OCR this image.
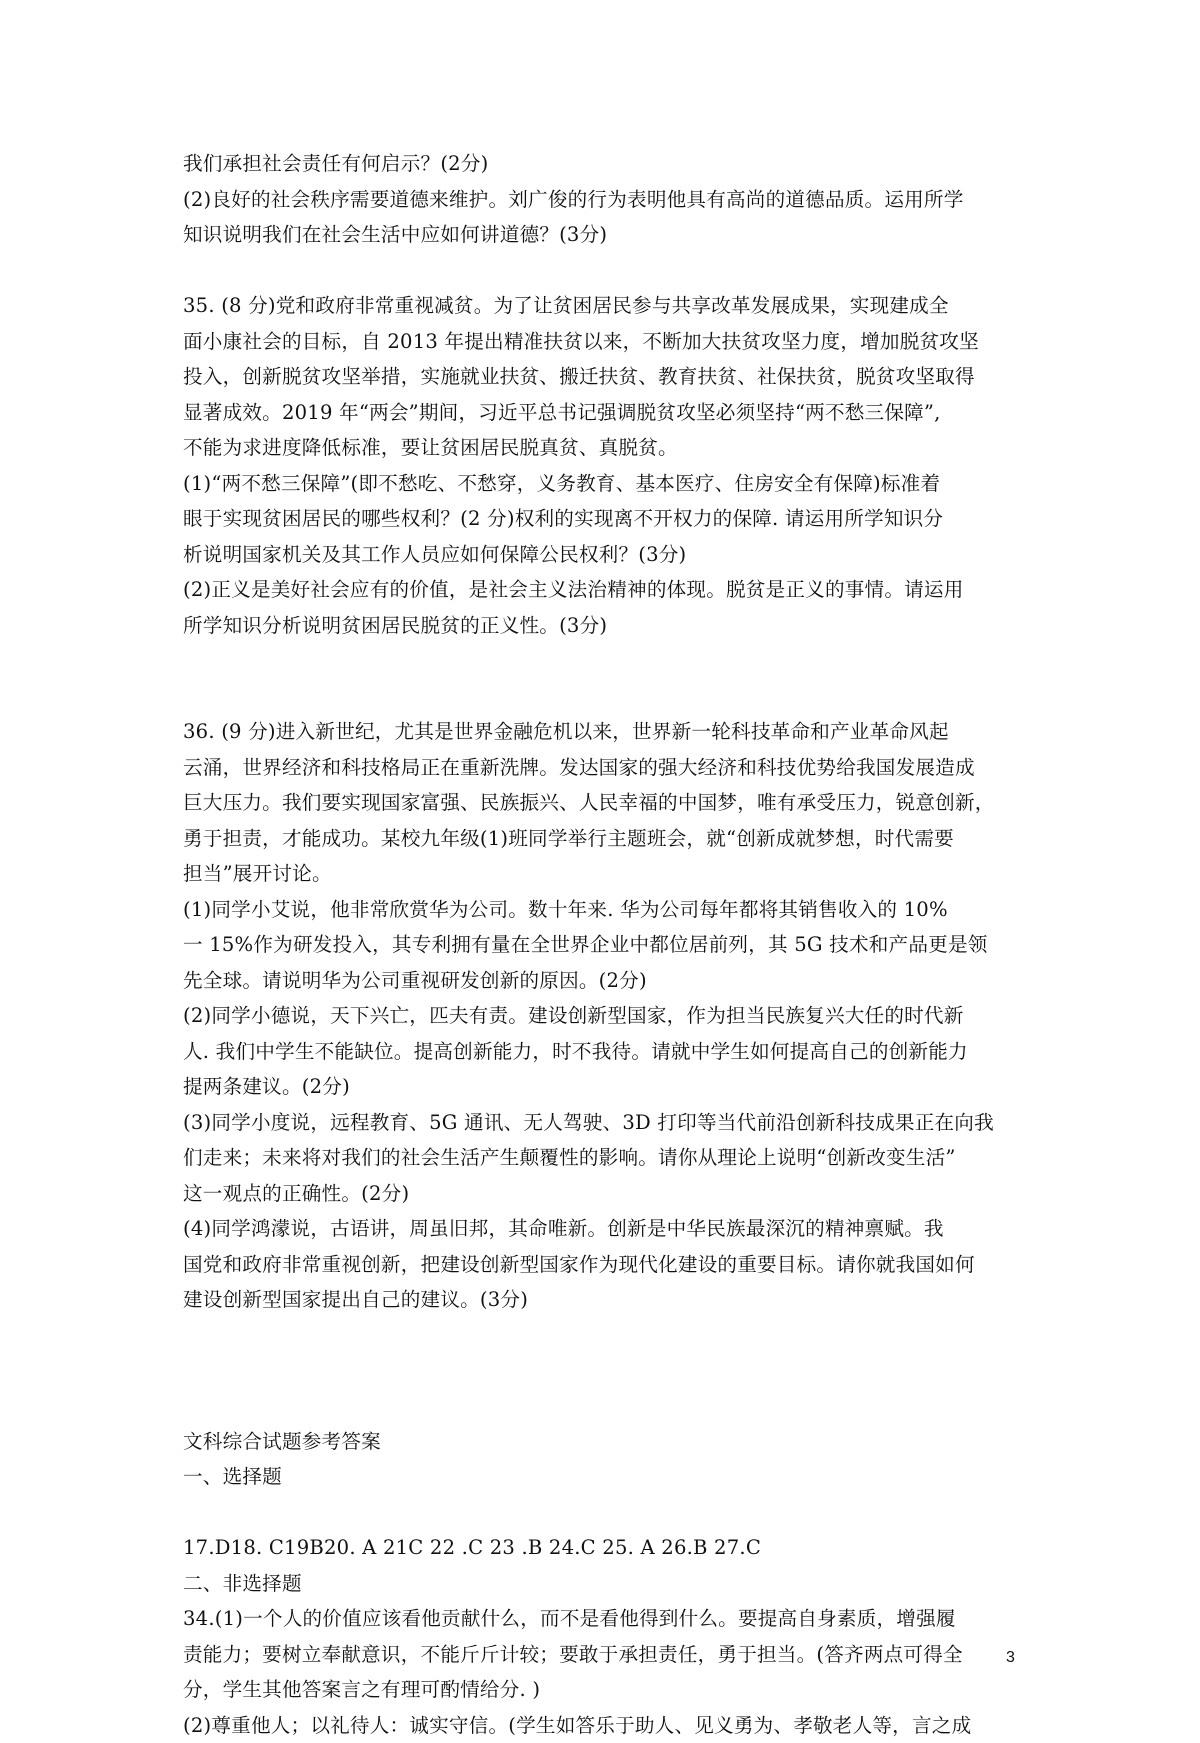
我们承担社会责任有何启示？(2分)

(2)良好的社会秩序需要道德来维护。刘广俊的行为表明他具有高尚的道德品质。运用所学

知识说明我们在社会生活中应如何讲道德？(3分)

35. (8 分)党和政府非常重视减贫。为了让贫困居民参与共享改革发展成果，实现建成全

面小康社会的目标，自 2013 年提出精准扶贫以来，不断加大扶贫攻坚力度，增加脱贫攻坚

投入，创新脱贫攻坚举措，实施就业扶贫、搬迁扶贫、教育扶贫、社保扶贫，脱贫攻坚取得

显著成效。2019 年“两会”期间，习近平总书记强调脱贫攻坚必须坚持“两不愁三保障”,

不能为求进度降低标准，要让贫困居民脱真贫、真脱贫。

(1)“两不愁三保障”(即不愁吃、不愁穿，义务教育、基本医疗、住房安全有保障)标准着

眼于实现贫困居民的哪些权利？(2 分)权利的实现离不开权力的保障. 请运用所学知识分

析说明国家机关及其工作人员应如何保障公民权利？(3分)

(2)正义是美好社会应有的价值，是社会主义法治精神的体现。脱贫是正义的事情。请运用

所学知识分析说明贫困居民脱贫的正义性。(3分)

36. (9 分)进入新世纪，尤其是世界金融危机以来，世界新一轮科技革命和产业革命风起

云涌，世界经济和科技格局正在重新洗牌。发达国家的强大经济和科技优势给我国发展造成

巨大压力。我们要实现国家富强、民族振兴、人民幸福的中国梦，唯有承受压力，锐意创新，

勇于担责，才能成功。某校九年级(1)班同学举行主题班会，就“创新成就梦想，时代需要

担当”展开讨论。

(1)同学小艾说，他非常欣赏华为公司。数十年来. 华为公司每年都将其销售收入的 10%

一 15%作为研发投入，其专利拥有量在全世界企业中都位居前列，其 5G 技术和产品更是领

先全球。请说明华为公司重视研发创新的原因。(2分)

(2)同学小德说，天下兴亡，匹夫有责。建设创新型国家，作为担当民族复兴大任的时代新

人. 我们中学生不能缺位。提高创新能力，时不我待。请就中学生如何提高自己的创新能力

提两条建议。(2分)

(3)同学小度说，远程教育、5G 通讯、无人驾驶、3D 打印等当代前沿创新科技成果正在向我

们走来；未来将对我们的社会生活产生颠覆性的影响。请你从理论上说明“创新改变生活”

这一观点的正确性。(2分)

(4)同学鸿濛说，古语讲，周虽旧邦，其命唯新。创新是中华民族最深沉的精神禀赋。我

国党和政府非常重视创新，把建设创新型国家作为现代化建设的重要目标。请你就我国如何

建设创新型国家提出自己的建议。(3分)

文科综合试题参考答案

一、选择题

17.D18. C19B20. A 21C 22 .C 23 .B 24.C 25. A 26.B 27.C

二、非选择题

34.(1)一个人的价值应该看他贡献什么，而不是看他得到什么。要提高自身素质，增强履

责能力；要树立奉献意识，不能斤斤计较；要敢于承担责任，勇于担当。(答齐两点可得全

分，学生其他答案言之有理可酌情给分. )

(2)尊重他人；以礼待人：诚实守信。(学生如答乐于助人、见义勇为、孝敬老人等，言之成

3
